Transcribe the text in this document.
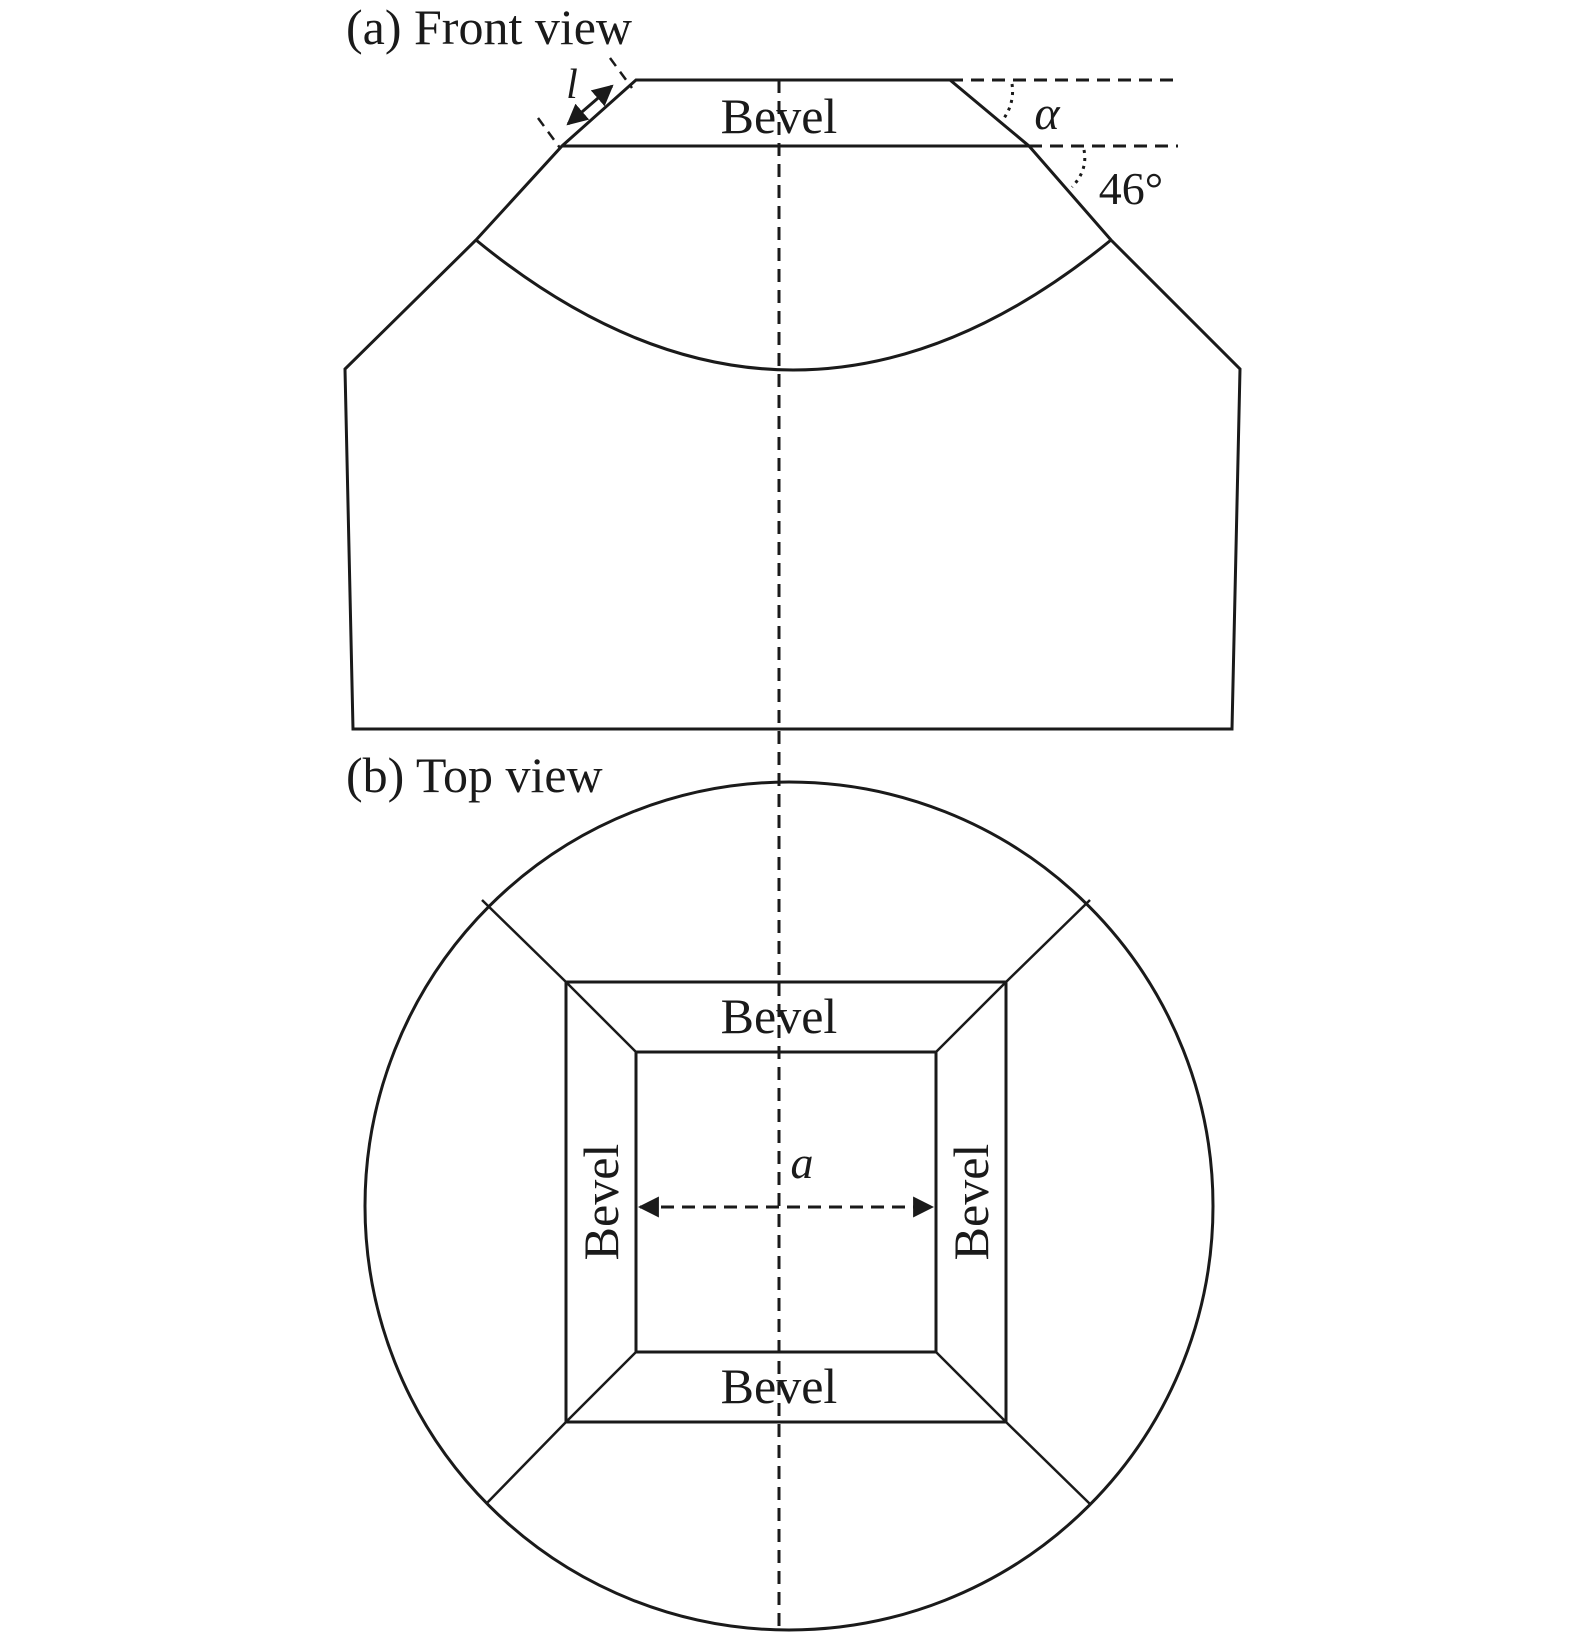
(a) Front view
Bevel
l
α
46°
(b) Top view
Bevel
Bevel
Bevel	Bevel
a
